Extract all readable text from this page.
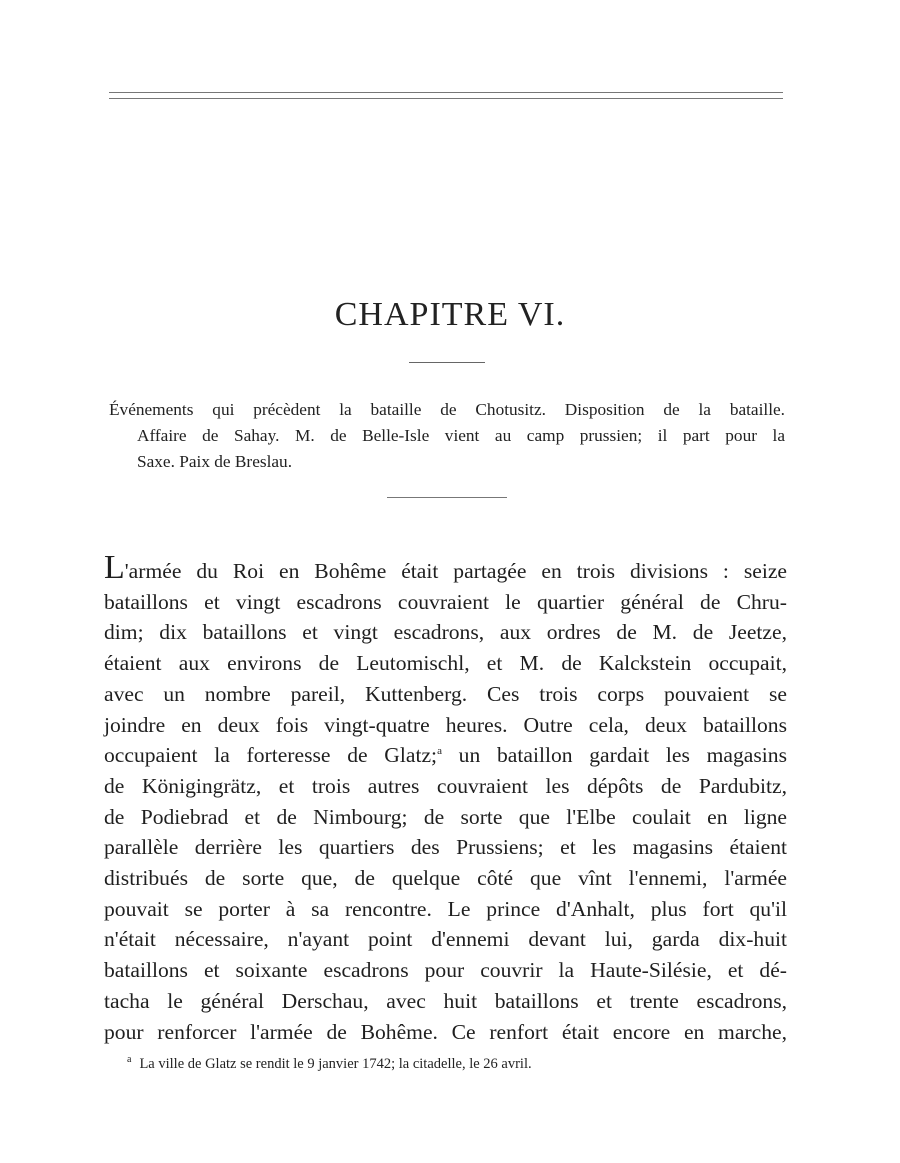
CHAPITRE VI.
Événements qui précèdent la bataille de Chotusitz. Disposition de la bataille.
Affaire de Sahay. M. de Belle-Isle vient au camp prussien; il part pour la
Saxe. Paix de Breslau.
L'armée du Roi en Bohême était partagée en trois divisions : seize
bataillons et vingt escadrons couvraient le quartier général de Chru-
dim; dix bataillons et vingt escadrons, aux ordres de M. de Jeetze,
étaient aux environs de Leutomischl, et M. de Kalckstein occupait,
avec un nombre pareil, Kuttenberg. Ces trois corps pouvaient se
joindre en deux fois vingt-quatre heures. Outre cela, deux bataillons
occupaient la forteresse de Glatz;$^a$ un bataillon gardait les magasins
de Königingrätz, et trois autres couvraient les dépôts de Pardubitz,
de Podiebrad et de Nimbourg; de sorte que l'Elbe coulait en ligne
parallèle derrière les quartiers des Prussiens; et les magasins étaient
distribués de sorte que, de quelque côté que vînt l'ennemi, l'armée
pouvait se porter à sa rencontre. Le prince d'Anhalt, plus fort qu'il
n'était nécessaire, n'ayant point d'ennemi devant lui, garda dix-huit
bataillons et soixante escadrons pour couvrir la Haute-Silésie, et dé-
tacha le général Derschau, avec huit bataillons et trente escadrons,
pour renforcer l'armée de Bohême. Ce renfort était encore en marche,
$^a$ La ville de Glatz se rendit le 9 janvier 1742; la citadelle, le 26 avril.
